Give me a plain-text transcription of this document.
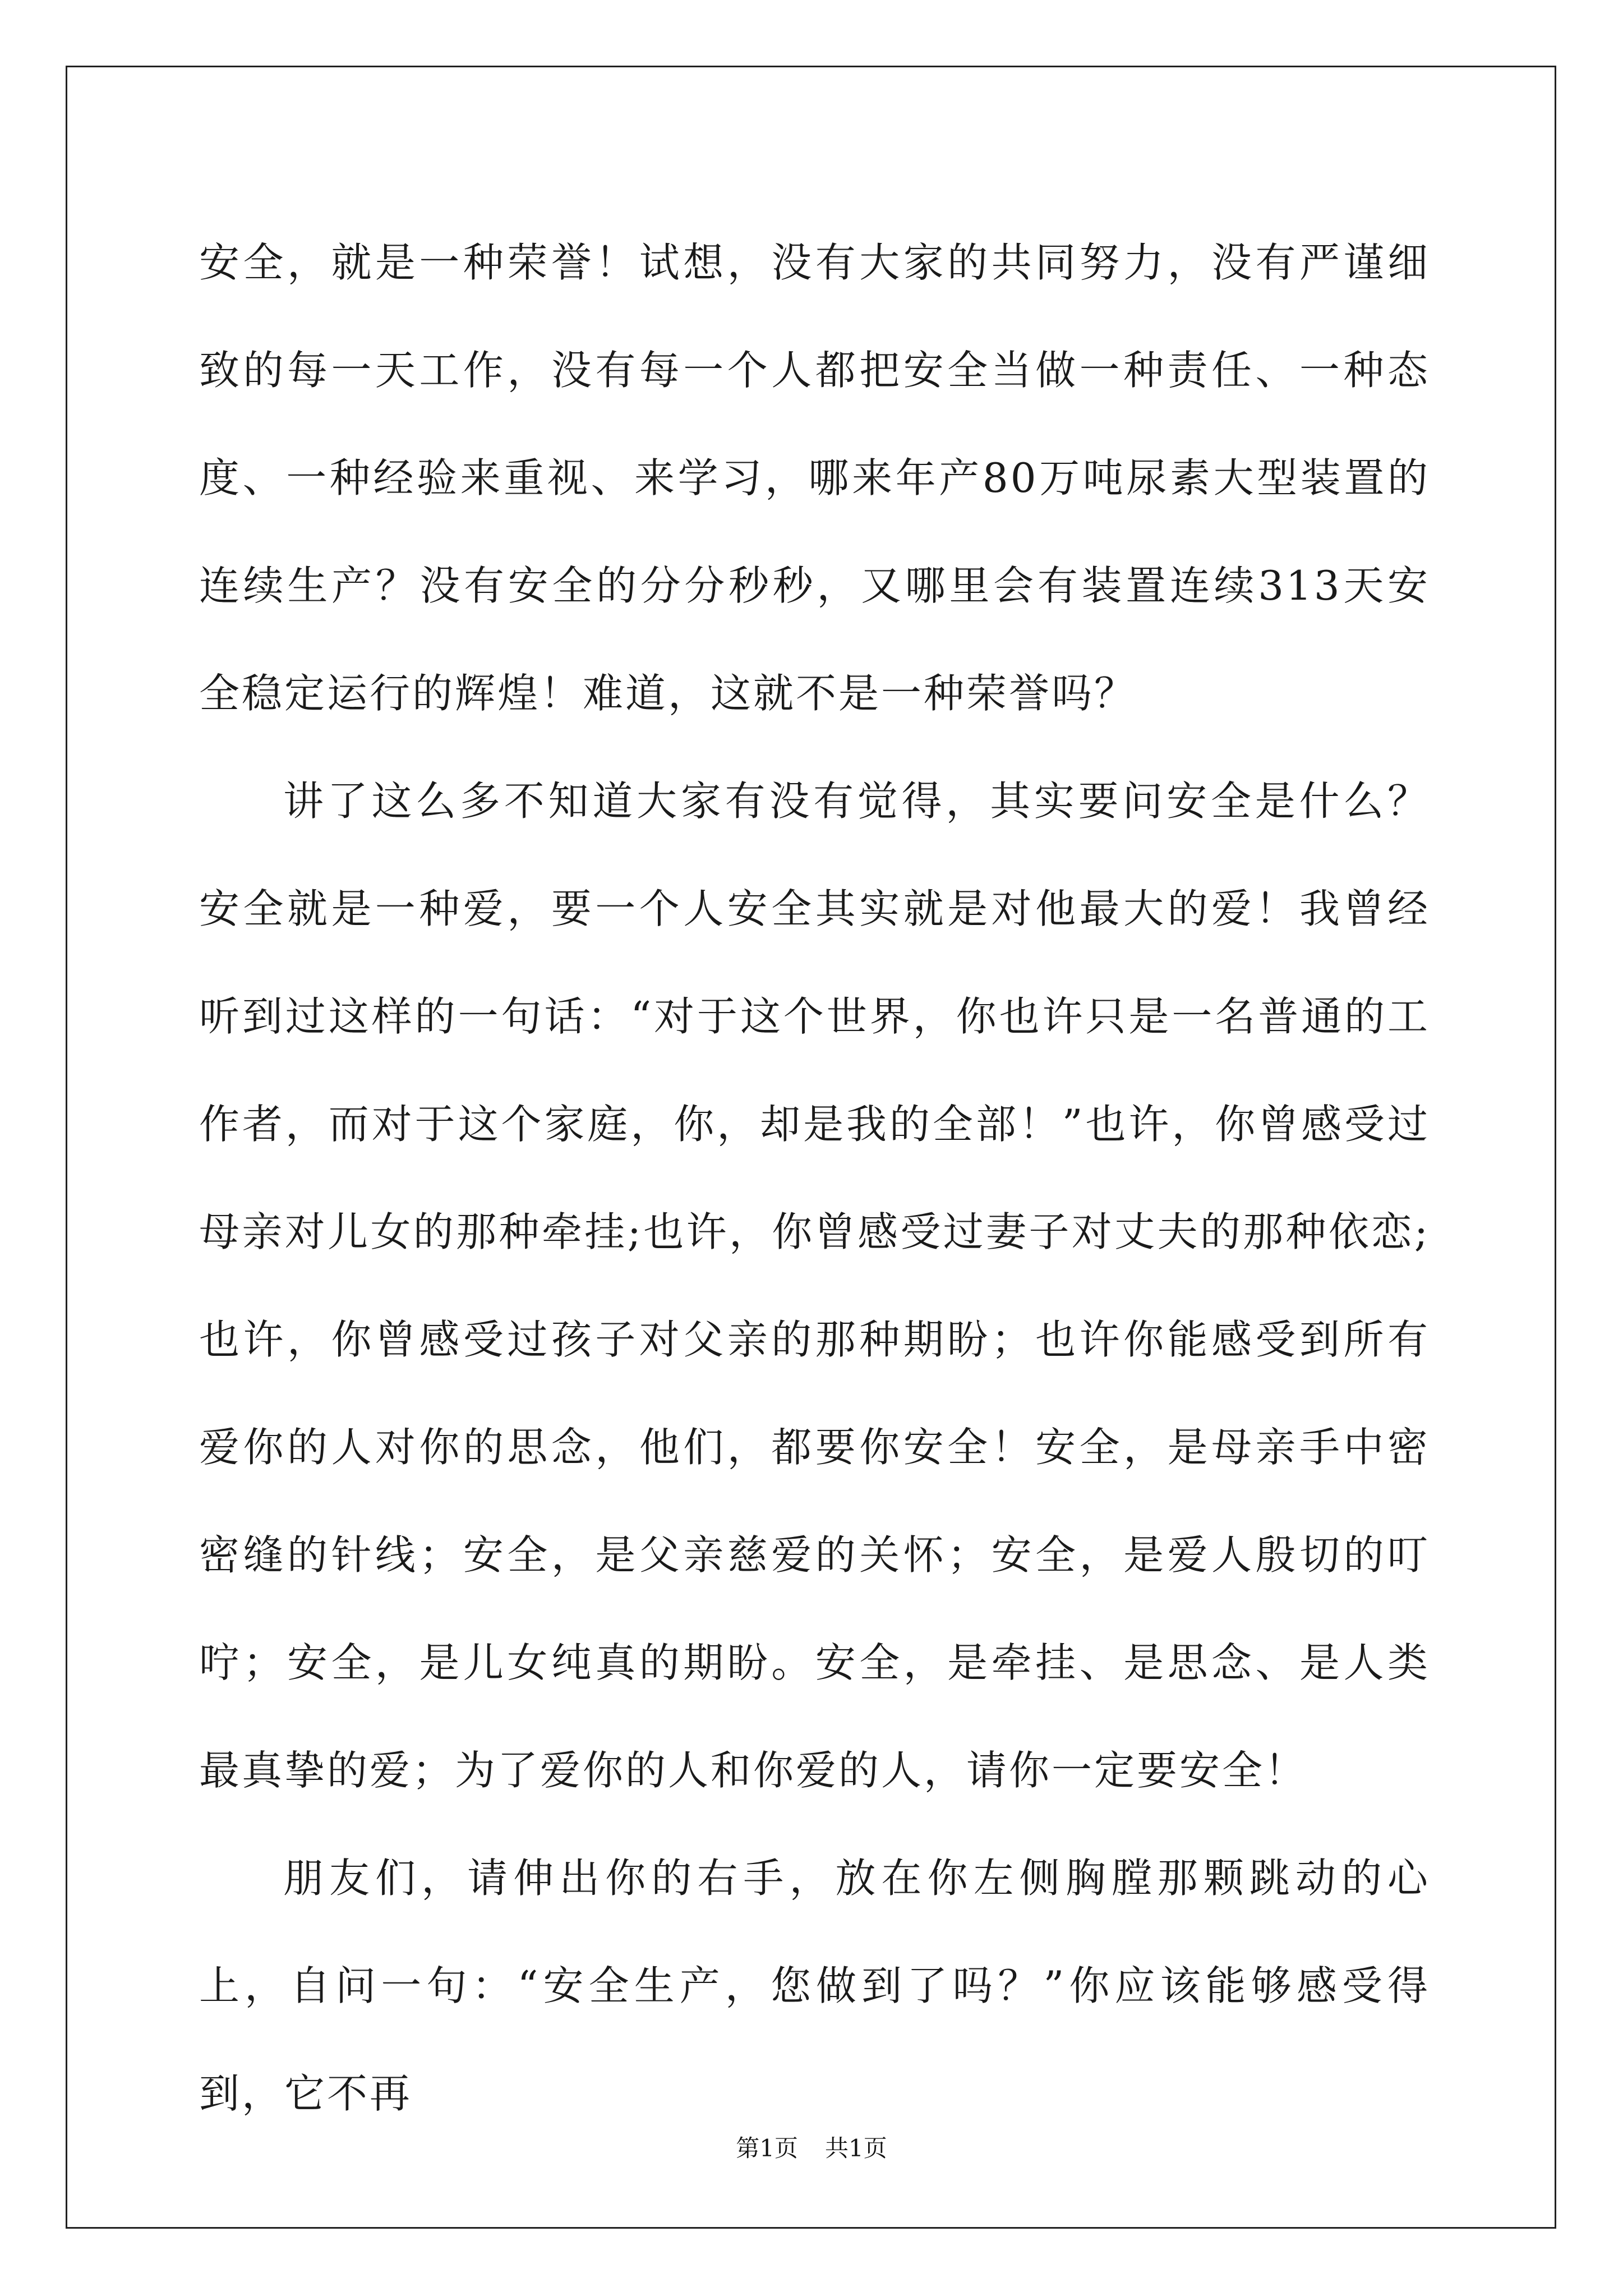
安全，就是一种荣誉！试想，没有大家的共同努力，没有严谨细致的每一天工作，没有每一个人都把安全当做一种责任、一种态度、一种经验来重视、来学习，哪来年产80万吨尿素大型装置的连续生产？没有安全的分分秒秒，又哪里会有装置连续313天安全稳定运行的辉煌！难道，这就不是一种荣誉吗？

讲了这么多不知道大家有没有觉得，其实要问安全是什么？安全就是一种爱，要一个人安全其实就是对他最大的爱！我曾经听到过这样的一句话：“对于这个世界，你也许只是一名普通的工作者，而对于这个家庭，你，却是我的全部！”也许，你曾感受过母亲对儿女的那种牵挂;也许，你曾感受过妻子对丈夫的那种依恋;也许，你曾感受过孩子对父亲的那种期盼；也许你能感受到所有爱你的人对你的思念，他们，都要你安全！安全，是母亲手中密密缝的针线；安全，是父亲慈爱的关怀；安全，是爱人殷切的叮咛；安全，是儿女纯真的期盼。安全，是牵挂、是思念、是人类最真挚的爱；为了爱你的人和你爱的人，请你一定要安全！

朋友们，请伸出你的右手，放在你左侧胸膛那颗跳动的心上，自问一句：“安全生产，您做到了吗？”你应该能够感受得到，它不再

第1页 共1页
